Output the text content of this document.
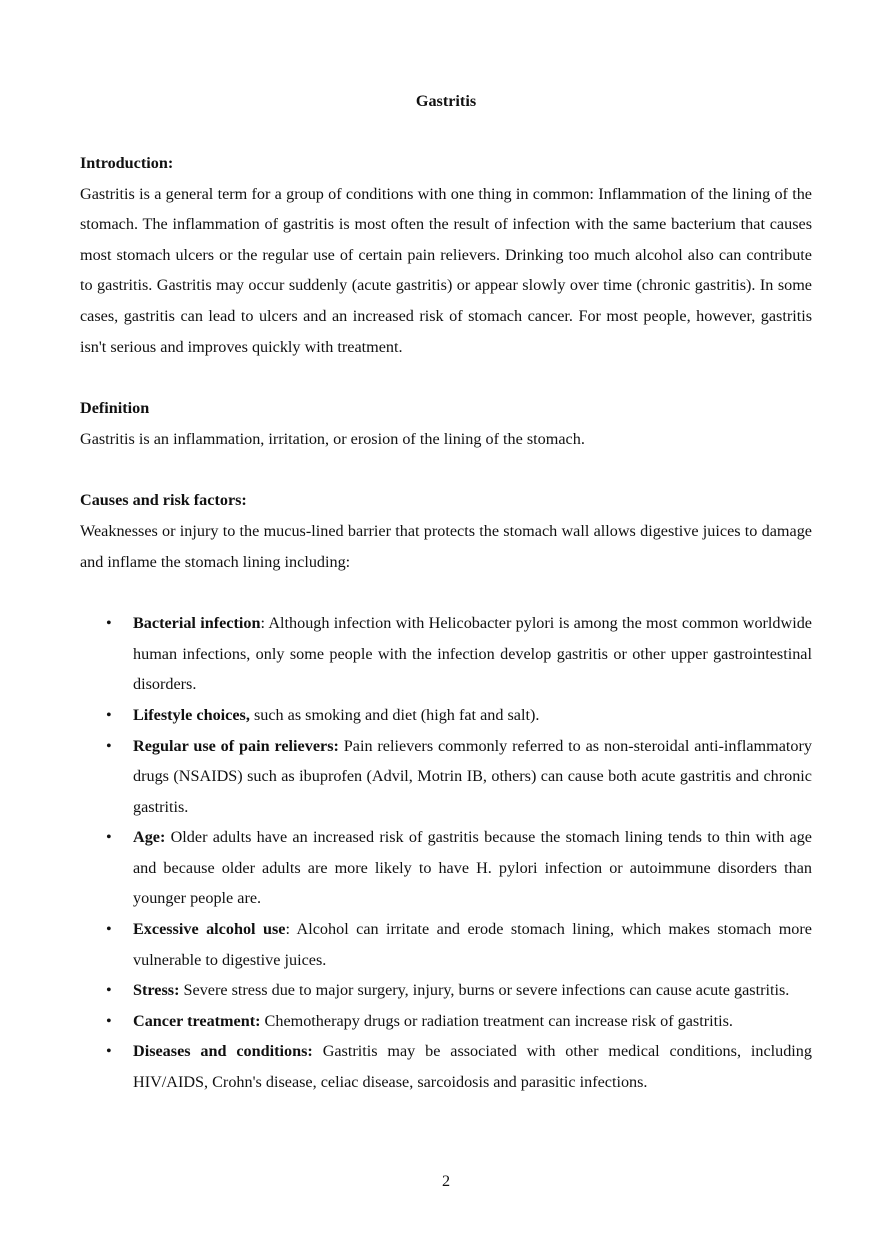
Gastritis
Introduction:

Gastritis is a general term for a group of conditions with one thing in common: Inflammation of the lining of the stomach. The inflammation of gastritis is most often the result of infection with the same bacterium that causes most stomach ulcers or the regular use of certain pain relievers. Drinking too much alcohol also can contribute to gastritis. Gastritis may occur suddenly (acute gastritis) or appear slowly over time (chronic gastritis). In some cases, gastritis can lead to ulcers and an increased risk of stomach cancer. For most people, however, gastritis isn't serious and improves quickly with treatment.

Definition

Gastritis is an inflammation, irritation, or erosion of the lining of the stomach.

Causes and risk factors:

Weaknesses or injury to the mucus-lined barrier that protects the stomach wall allows digestive juices to damage and inflame the stomach lining including:

• Bacterial infection: Although infection with Helicobacter pylori is among the most common worldwide human infections, only some people with the infection develop gastritis or other upper gastrointestinal disorders.
• Lifestyle choices, such as smoking and diet (high fat and salt).
• Regular use of pain relievers: Pain relievers commonly referred to as non-steroidal anti-inflammatory drugs (NSAIDS) such as ibuprofen (Advil, Motrin IB, others) can cause both acute gastritis and chronic gastritis.
• Age: Older adults have an increased risk of gastritis because the stomach lining tends to thin with age and because older adults are more likely to have H. pylori infection or autoimmune disorders than younger people are.
• Excessive alcohol use: Alcohol can irritate and erode stomach lining, which makes stomach more vulnerable to digestive juices.
• Stress: Severe stress due to major surgery, injury, burns or severe infections can cause acute gastritis.
• Cancer treatment: Chemotherapy drugs or radiation treatment can increase risk of gastritis.
• Diseases and conditions: Gastritis may be associated with other medical conditions, including HIV/AIDS, Crohn's disease, celiac disease, sarcoidosis and parasitic infections.
2
